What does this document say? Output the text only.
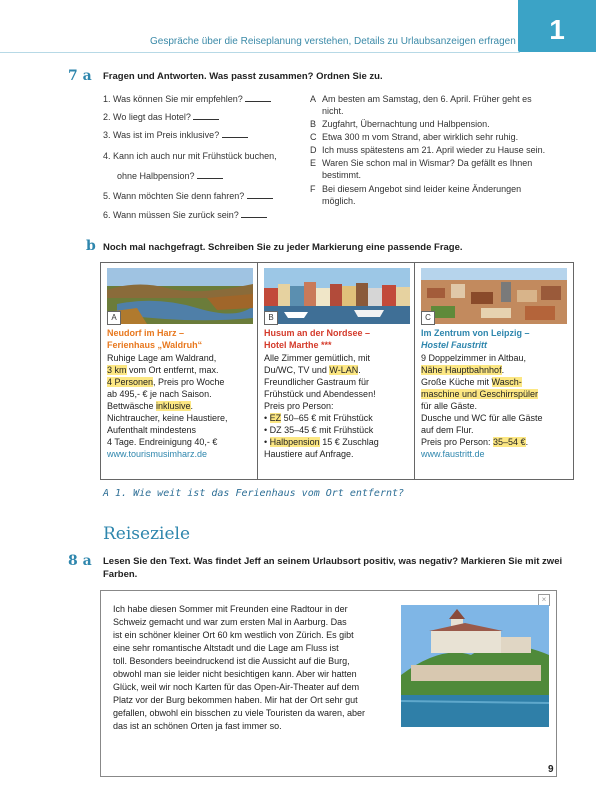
Gespräche über die Reiseplanung verstehen, Details zu Urlaubsanzeigen erfragen	1
7 a Fragen und Antworten. Was passt zusammen? Ordnen Sie zu.
1. Was können Sie mir empfehlen?
2. Wo liegt das Hotel?
3. Was ist im Preis inklusive?
4. Kann ich auch nur mit Frühstück buchen,
ohne Halbpension?
5. Wann möchten Sie denn fahren?
6. Wann müssen Sie zurück sein?
A Am besten am Samstag, den 6. April. Früher geht es
nicht.
B Zugfahrt, Übernachtung und Halbpension.
C Etwa 300 m vom Strand, aber wirklich sehr ruhig.
D Ich muss spätestens am 21. April wieder zu Hause sein.
E Waren Sie schon mal in Wismar? Da gefällt es Ihnen
bestimmt.
F Bei diesem Angebot sind leider keine Änderungen
möglich.
b Noch mal nachgefragt. Schreiben Sie zu jeder Markierung eine passende Frage.
A
Neudorf im Harz –
Ferienhaus „Waldruh“
Ruhige Lage am Waldrand,
3 km vom Ort entfernt, max.
4 Personen, Preis pro Woche
ab 495,- € je nach Saison.
Bettwäsche inklusive.
Nichtraucher, keine Haustiere,
Aufenthalt mindestens
4 Tage. Endreinigung 40,- €
www.tourismusimharz.de
B
Husum an der Nordsee –
Hotel Marthe ***
Alle Zimmer gemütlich, mit
Du/WC, TV und W-LAN.
Freundlicher Gastraum für
Frühstück und Abendessen!
Preis pro Person:
• EZ 50–65 € mit Frühstück
• DZ 35–45 € mit Frühstück
• Halbpension 15 € Zuschlag
Haustiere auf Anfrage.
C
Im Zentrum von Leipzig –
Hostel Faustritt
9 Doppelzimmer in Altbau,
Nähe Hauptbahnhof.
Große Küche mit Wasch-
maschine und Geschirrspüler
für alle Gäste.
Dusche und WC für alle Gäste
auf dem Flur.
Preis pro Person: 35–54 €.
www.faustritt.de
A 1. Wie weit ist das Ferienhaus vom Ort entfernt?
Reiseziele
8 a Lesen Sie den Text. Was findet Jeff an seinem Urlaubsort positiv, was negativ? Markieren Sie mit zwei
Farben.
Ich habe diesen Sommer mit Freunden eine Radtour in der
Schweiz gemacht und war zum ersten Mal in Aarburg. Das
ist ein schöner kleiner Ort 60 km westlich von Zürich. Es gibt
eine sehr romantische Altstadt und die Lage am Fluss ist
toll. Besonders beeindruckend ist die Aussicht auf die Burg,
obwohl man sie leider nicht besichtigen kann. Aber wir hatten
Glück, weil wir noch Karten für das Open-Air-Theater auf dem
Platz vor der Burg bekommen haben. Mir hat der Ort sehr gut
gefallen, obwohl ein bisschen zu viele Touristen da waren, aber
das ist an schönen Orten ja fast immer so.
×
9
